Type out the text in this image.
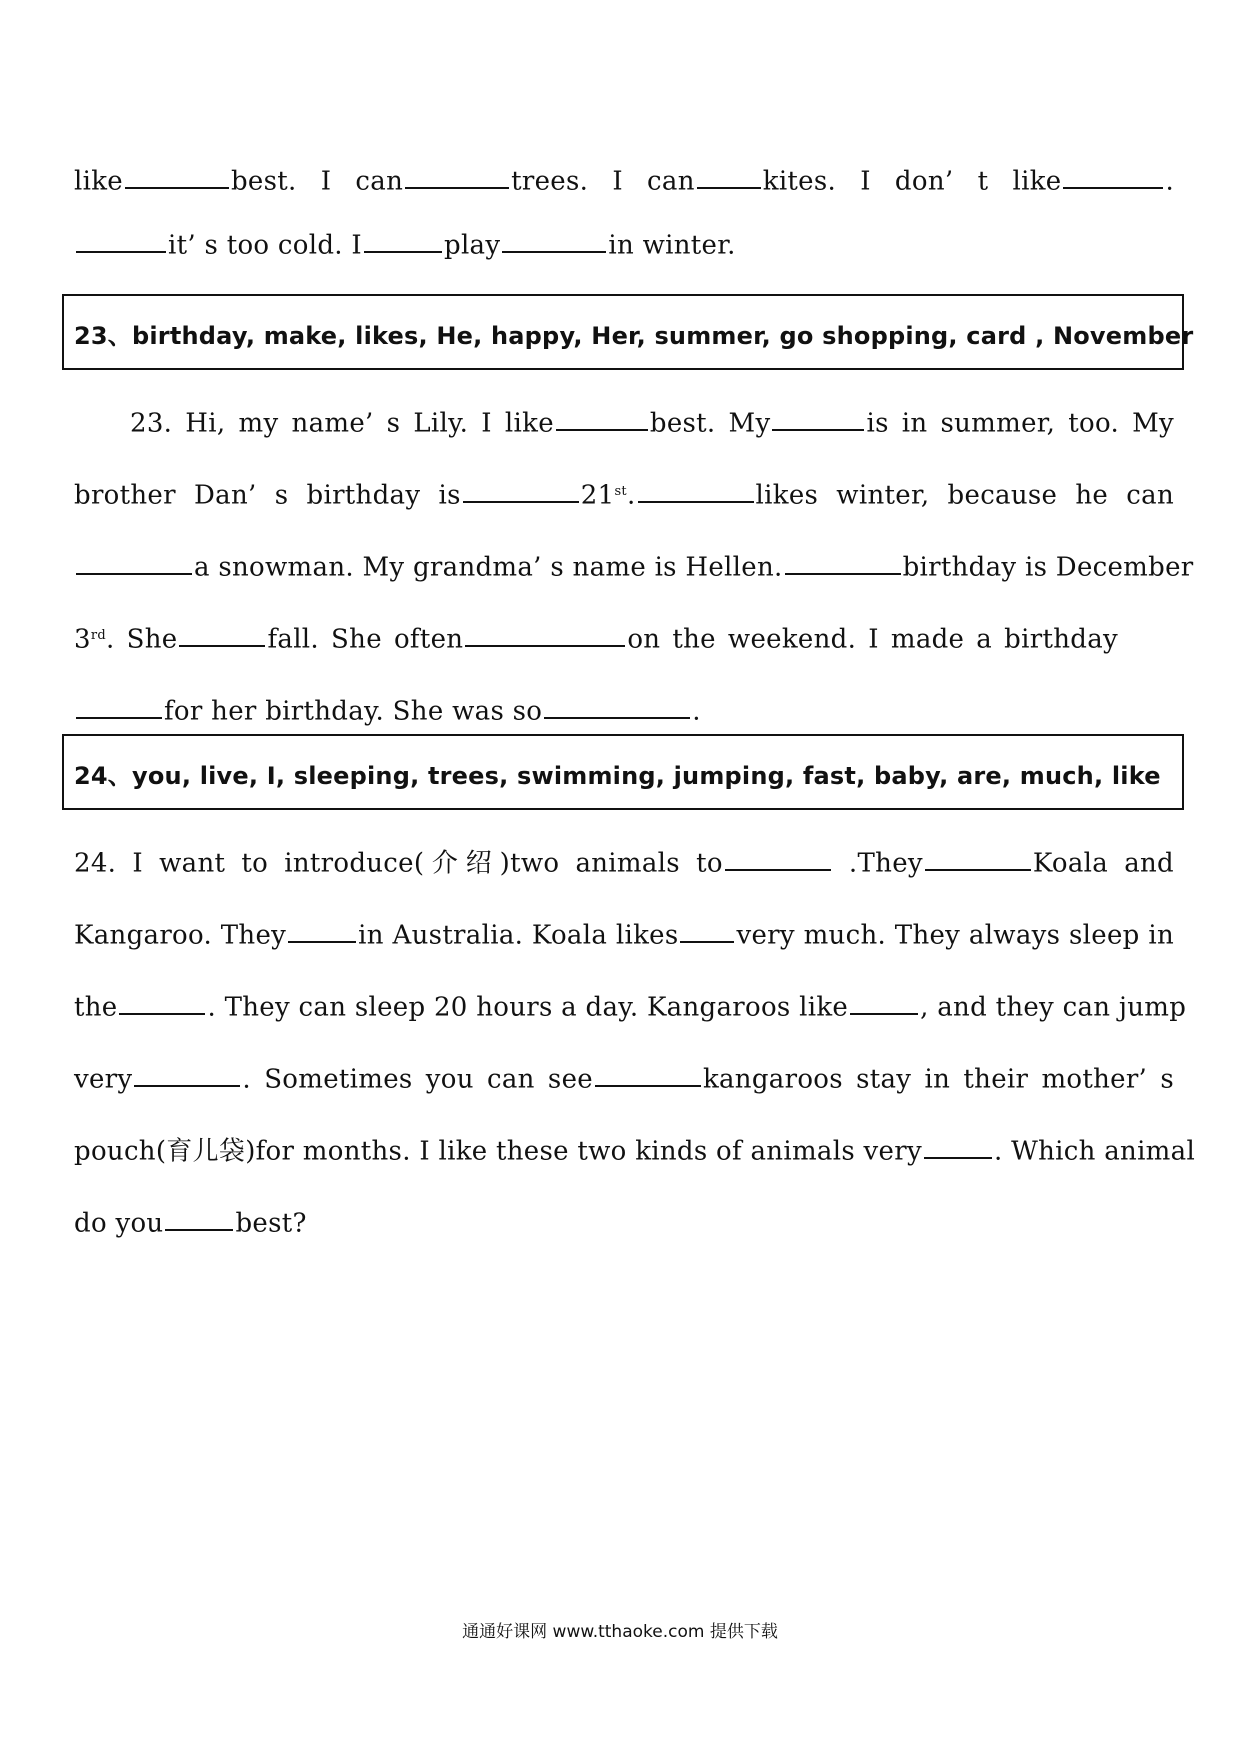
like	best. I can	trees. I can	kites. I don’ t like	.
it’ s too cold. I	play	in winter.
23、birthday, make, likes, He, happy, Her, summer, go shopping, card , November
23. Hi, my name’ s Lily. I like	best. My	is in summer, too. My
brother Dan’ s birthday is	21st.	likes winter, because he can
a snowman. My grandma’ s name is Hellen.	birthday is December
3rd. She	fall. She often	on the weekend. I made a birthday
for her birthday. She was so	.
24、you, live, I, sleeping, trees, swimming, jumping, fast, baby, are, much, like
24. I want to introduce(介绍)two animals to	.They	Koala and
Kangaroo. They	in Australia. Koala likes very much. They always sleep in
the	. They can sleep 20 hours a day. Kangaroos like	, and they can jump
very	. Sometimes you can see	kangaroos stay in their mother’ s
pouch(育儿袋)for months. I like these two kinds of animals very	. Which animal
do you	best?
通通好课网 www.tthaoke.com 提供下载
